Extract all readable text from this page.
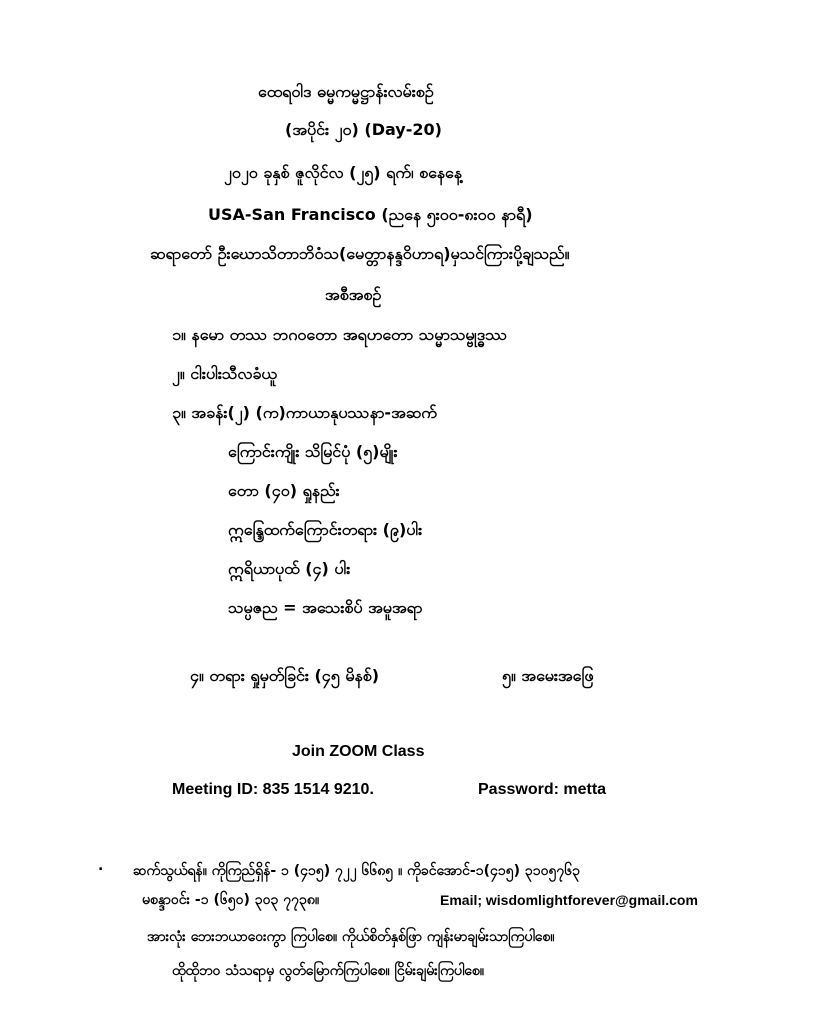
ထေရဝါဒ ဓမ္မကမ္မဋ္ဌာန်းလမ်းစဥ်
(အပိုင်း ၂၀) (Day-20)
၂၀၂၀ ခုနှစ် ဇူလိုင်လ (၂၅) ရက်၊ စနေနေ့
USA-San Francisco (ညနေ ၅း၀၀-၈း၀၀ နာရီ)
ဆရာတော် ဦးဃောသိတာဘိဝံသ(မေတ္တာနန္ဒဝိဟာရ)မှသင်ကြားပို့ချသည်။
အစီအစဥ်
၁။ နမော တဿ ဘဂဝတော အရဟတော သမ္မာသမ္ဗုဒ္ဓဿ
၂။ ငါးပါးသီလခံယူ
၃။ အခန်း(၂) (က)ကာယာနုပဿနာ-အဆက်
ကြောင်းကျိုး သိမြင်ပုံ (၅)မျိုး
တော (၄၀) ရှုနည်း
ဣန္ဒြေထက်ကြောင်းတရား (၉)ပါး
ဣရိယာပုထ် (၄) ပါး
သမ္ပဇည = အသေးစိပ် အမူအရာ
၄။ တရား ရှုမှတ်ခြင်း (၄၅ မိနစ်)	၅။ အမေးအဖြေ
Join ZOOM Class
Meeting ID: 835 1514 9210.	Password: metta
. ဆက်သွယ်ရန်။ ကိုကြည်ရှိန်- ၁ (၄၁၅) ၇၂၂ ၆၆၈၅ ။ ကိုခင်အောင်-၁(၄၁၅) ၃၁၀၅၇၆၃
မစန္ဒာဝင်း -၁ (၆၅၀) ၃၀၃ ၇၇၃၈။	Email; wisdomlightforever@gmail.com
အားလုံး ဘေးဘယာဝေးကွာ ကြပါစေ။ ကိုယ်စိတ်နှစ်ဖြာ ကျန်းမာချမ်းသာကြပါစေ။
ထိုထိုဘဝ သံသရာမှ လွတ်မြောက်ကြပါစေ။ ငြိမ်းချမ်းကြပါစေ။
